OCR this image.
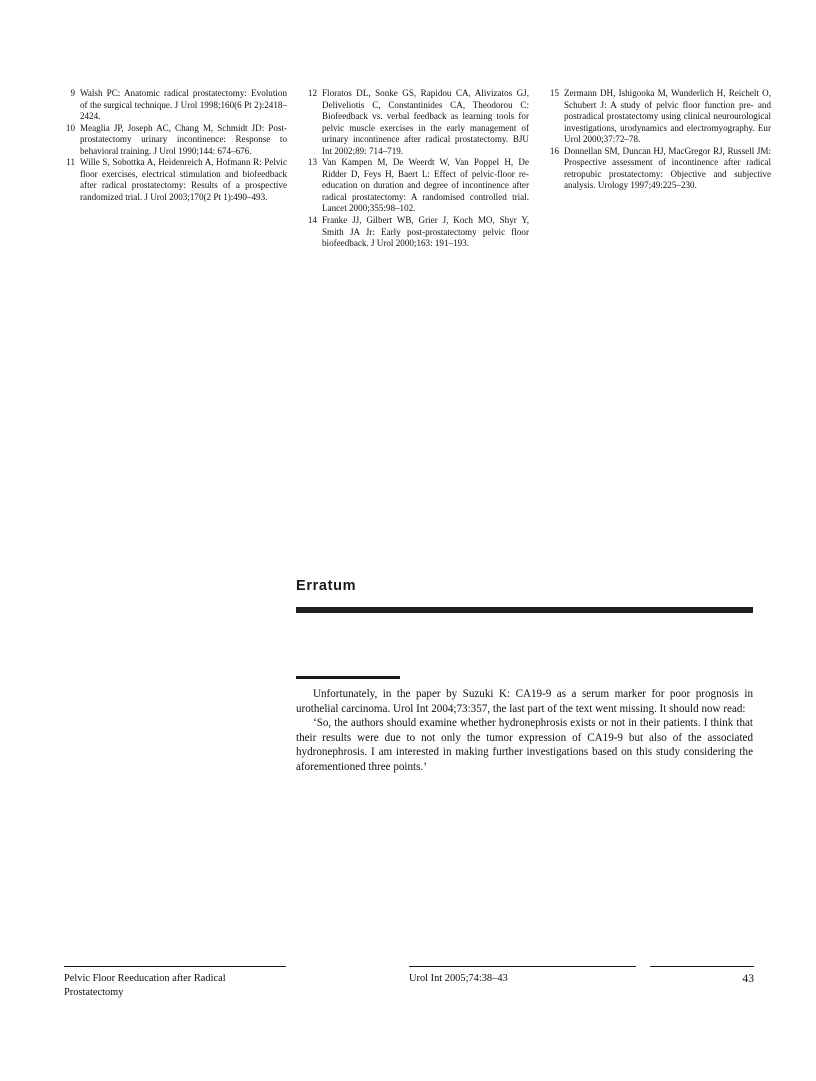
9 Walsh PC: Anatomic radical prostatectomy: Evolution of the surgical technique. J Urol 1998;160(6 Pt 2):2418–2424.
10 Meaglia JP, Joseph AC, Chang M, Schmidt JD: Post-prostatectomy urinary incontinence: Response to behavioral training. J Urol 1990;144: 674–676.
11 Wille S, Sobottka A, Heidenreich A, Hofmann R: Pelvic floor exercises, electrical stimulation and biofeedback after radical prostatectomy: Results of a prospective randomized trial. J Urol 2003;170(2 Pt 1):490–493.
12 Floratos DL, Sonke GS, Rapidou CA, Alivizatos GJ, Deliveliotis C, Constantinides CA, Theodorou C: Biofeedback vs. verbal feedback as learning tools for pelvic muscle exercises in the early management of urinary incontinence after radical prostatectomy. BJU Int 2002;89: 714–719.
13 Van Kampen M, De Weerdt W, Van Poppel H, De Ridder D, Feys H, Baert L: Effect of pelvic-floor re-education on duration and degree of incontinence after radical prostatectomy: A randomised controlled trial. Lancet 2000;355:98–102.
14 Franke JJ, Gilbert WB, Grier J, Koch MO, Shyr Y, Smith JA Jr: Early post-prostatectomy pelvic floor biofeedback. J Urol 2000;163: 191–193.
15 Zermann DH, Ishigooka M, Wunderlich H, Reichelt O, Schubert J: A study of pelvic floor function pre- and postradical prostatectomy using clinical neurourological investigations, urodynamics and electromyography. Eur Urol 2000;37:72–78.
16 Donnellan SM, Duncan HJ, MacGregor RJ, Russell JM: Prospective assessment of incontinence after radical retropubic prostatectomy: Objective and subjective analysis. Urology 1997;49:225–230.
Erratum

Unfortunately, in the paper by Suzuki K: CA19-9 as a serum marker for poor prognosis in urothelial carcinoma. Urol Int 2004;73:357, the last part of the text went missing. It should now read:

‘So, the authors should examine whether hydronephrosis exists or not in their patients. I think that their results were due to not only the tumor expression of CA19-9 but also of the associated hydronephrosis. I am interested in making further investigations based on this study considering the aforementioned three points.’

Pelvic Floor Reeducation after Radical Prostatectomy
Urol Int 2005;74:38–43	43
